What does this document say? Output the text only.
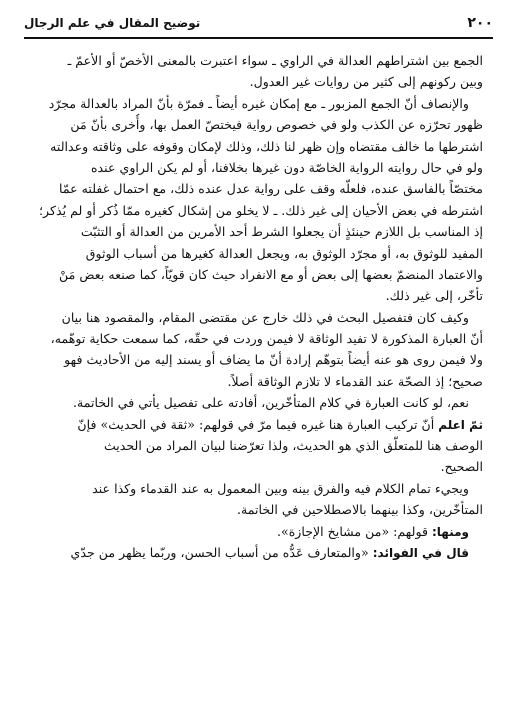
٢٠٠
توضيح المقال في علم الرجال
الجمع بين اشتراطهم العدالة في الراوي ـ سواء اعتبرت بالمعنى الأخصّ أو الأعمّ ـ
وبين ركونهم إلى كثير من روايات غير العدول.
والإنصاف أنّ الجمع المزبور ـ مع إمكان غيره أيضاً ـ فمرّة بأنّ المراد بالعدالة مجرّد
ظهور تحرّزه عن الكذب ولو في خصوص رواية فيختصّ العمل بها، وأُخرى بأنّ مَن
اشترطها ما خالف مقتضاه وإن ظهر لنا ذلك، وذلك لإمكان وقوفه على وثاقته وعدالته
ولو في حال روايته الرواية الخاصّة دون غيرها بخلافنا، أو لم يكن الراوي عنده
مختصّاً بالفاسق عنده، فلعلّه وقف على رواية عدل عنده ذلك، مع احتمال غفلته عمّا
اشترطه في بعض الأحيان إلى غير ذلك. ـ لا يخلو من إشكال كغيره ممّا ذُكر أو لم يُذكر؛
إذ المناسب بل اللازم حينئذٍ أن يجعلوا الشرط أحد الأمرين من العدالة أو التثبّت
المفيد للوثوق به، أو مجرّد الوثوق به، ويجعل العدالة كغيرها من أسباب الوثوق
والاعتماد المنضمّ بعضها إلى بعض أو مع الانفراد حيث كان قويّاً، كما صنعه بعض مَنْ
تأخّر، إلى غير ذلك.
وكيف كان فتفصيل البحث في ذلك خارج عن مقتضى المقام، والمقصود هنا بيان
أنّ العبارة المذكورة لا تفيد الوثاقة لا فيمن وردت في حقّه، كما سمعت حكاية توهّمه،
ولا فيمن روى هو عنه أيضاً بتوهّم إرادة أنّ ما يضاف أو يسند إليه من الأحاديث فهو
صحيح؛ إذ الصحّة عند القدماء لا تلازم الوثاقة أصلاً.
نعم، لو كانت العبارة في كلام المتأخّرين، أفادته على تفصيل يأتي في الخاتمة.
ثمّ اعلم أنّ تركيب العبارة هنا غيره فيما مرّ في قولهم: «ثقة في الحديث» فإنّ
الوصف هنا للمتعلّق الذي هو الحديث، ولذا تعرّضنا لبيان المراد من الحديث
الصحيح.
ويجيء تمام الكلام فيه والفرق بينه وبين المعمول به عند القدماء وكذا عند
المتأخّرين، وكذا بينهما بالاصطلاحين في الخاتمة.
ومنها: قولهم: «من مشايخ الإجازة».
قال في الفوائد: «والمتعارف عَدُّه من أسباب الحسن، وربّما يظهر من جدّي
